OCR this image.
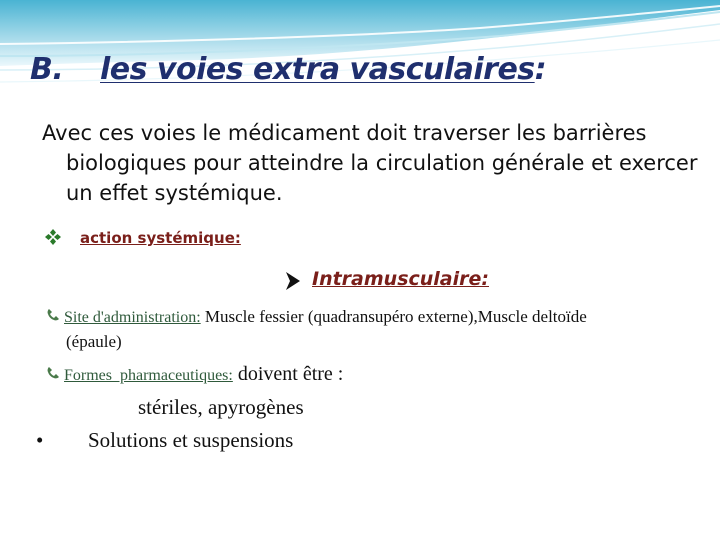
B. les voies extra vasculaires:

Avec ces voies le médicament doit traverser les barrières biologiques pour atteindre la circulation générale et exercer un effet systémique.

action systémique:
Intramusculaire:
Site d'administration: Muscle fessier (quadransupéro externe),Muscle deltoïde
(épaule)
Formes  pharmaceutiques: doivent être :
stériles, apyrogènes
• Solutions et suspensions
